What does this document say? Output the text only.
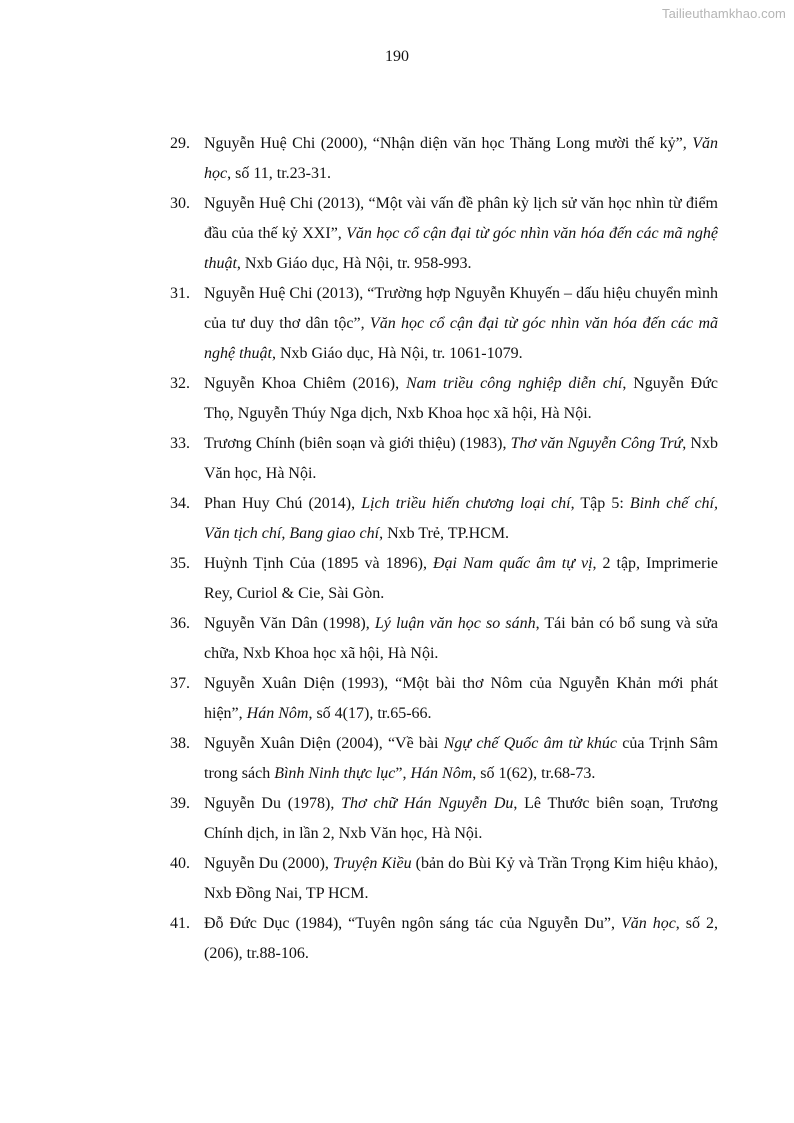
Tailieuthamkhao.com
190
29. Nguyễn Huệ Chi (2000), “Nhận diện văn học Thăng Long mười thế kỷ”, Văn học, số 11, tr.23-31.
30. Nguyễn Huệ Chi (2013), “Một vài vấn đề phân kỳ lịch sử văn học nhìn từ điểm đầu của thế kỷ XXI”, Văn học cổ cận đại từ góc nhìn văn hóa đến các mã nghệ thuật, Nxb Giáo dục, Hà Nội, tr. 958-993.
31. Nguyễn Huệ Chi (2013), “Trường hợp Nguyễn Khuyến – dấu hiệu chuyển mình của tư duy thơ dân tộc”, Văn học cổ cận đại từ góc nhìn văn hóa đến các mã nghệ thuật, Nxb Giáo dục, Hà Nội, tr. 1061-1079.
32. Nguyễn Khoa Chiêm (2016), Nam triều công nghiệp diễn chí, Nguyễn Đức Thọ, Nguyễn Thúy Nga dịch, Nxb Khoa học xã hội, Hà Nội.
33. Trương Chính (biên soạn và giới thiệu) (1983), Thơ văn Nguyễn Công Trứ, Nxb Văn học, Hà Nội.
34. Phan Huy Chú (2014), Lịch triều hiến chương loại chí, Tập 5: Binh chế chí, Văn tịch chí, Bang giao chí, Nxb Trẻ, TP.HCM.
35. Huỳnh Tịnh Của (1895 và 1896), Đại Nam quấc âm tự vị, 2 tập, Imprimerie Rey, Curiol & Cie, Sài Gòn.
36. Nguyễn Văn Dân (1998), Lý luận văn học so sánh, Tái bản có bổ sung và sửa chữa, Nxb Khoa học xã hội, Hà Nội.
37. Nguyễn Xuân Diện (1993), “Một bài thơ Nôm của Nguyễn Khản mới phát hiện”, Hán Nôm, số 4(17), tr.65-66.
38. Nguyễn Xuân Diện (2004), “Về bài Ngự chế Quốc âm từ khúc của Trịnh Sâm trong sách Bình Ninh thực lục”, Hán Nôm, số 1(62), tr.68-73.
39. Nguyễn Du (1978), Thơ chữ Hán Nguyễn Du, Lê Thước biên soạn, Trương Chính dịch, in lần 2, Nxb Văn học, Hà Nội.
40. Nguyễn Du (2000), Truyện Kiều (bản do Bùi Kỷ và Trần Trọng Kim hiệu khảo), Nxb Đồng Nai, TP HCM.
41. Đỗ Đức Dục (1984), “Tuyên ngôn sáng tác của Nguyễn Du”, Văn học, số 2, (206), tr.88-106.
